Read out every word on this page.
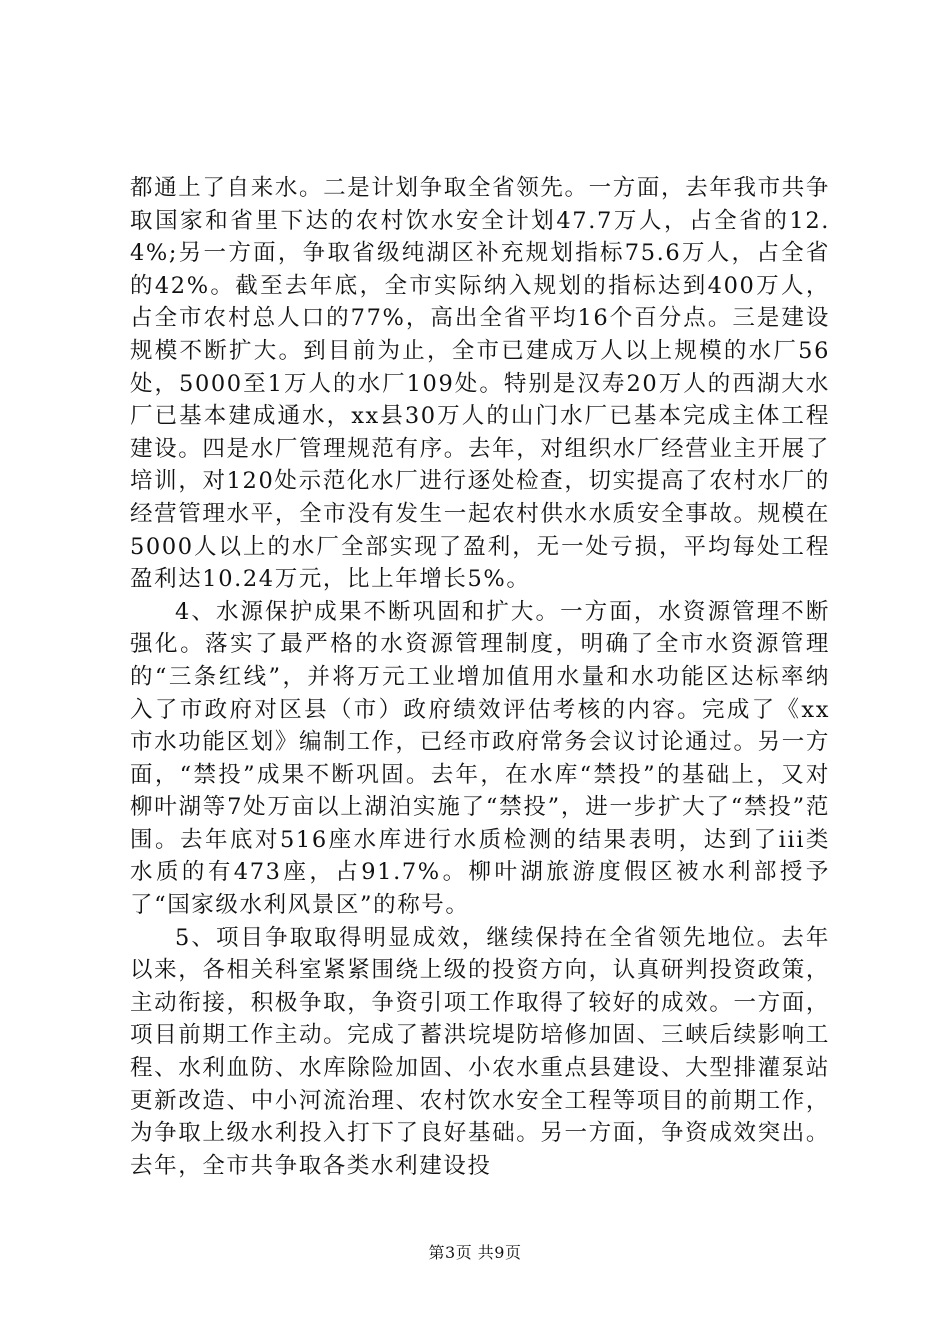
都通上了自来水。二是计划争取全省领先。一方面，去年我市共争取国家和省里下达的农村饮水安全计划47.7万人，占全省的12.4%;另一方面，争取省级纯湖区补充规划指标75.6万人，占全省的42%。截至去年底，全市实际纳入规划的指标达到400万人，占全市农村总人口的77%，高出全省平均16个百分点。三是建设规模不断扩大。到目前为止，全市已建成万人以上规模的水厂56处，5000至1万人的水厂109处。特别是汉寿20万人的西湖大水厂已基本建成通水，xx县30万人的山门水厂已基本完成主体工程建设。四是水厂管理规范有序。去年，对组织水厂经营业主开展了培训，对120处示范化水厂进行逐处检查，切实提高了农村水厂的经营管理水平，全市没有发生一起农村供水水质安全事故。规模在5000人以上的水厂全部实现了盈利，无一处亏损，平均每处工程盈利达10.24万元，比上年增长5%。

4、水源保护成果不断巩固和扩大。一方面，水资源管理不断强化。落实了最严格的水资源管理制度，明确了全市水资源管理的“三条红线”，并将万元工业增加值用水量和水功能区达标率纳入了市政府对区县（市）政府绩效评估考核的内容。完成了《xx市水功能区划》编制工作，已经市政府常务会议讨论通过。另一方面，“禁投”成果不断巩固。去年，在水库“禁投”的基础上，又对柳叶湖等7处万亩以上湖泊实施了“禁投”，进一步扩大了“禁投”范围。去年底对516座水库进行水质检测的结果表明，达到了iii类水质的有473座，占91.7%。柳叶湖旅游度假区被水利部授予了“国家级水利风景区”的称号。

5、项目争取取得明显成效，继续保持在全省领先地位。去年以来，各相关科室紧紧围绕上级的投资方向，认真研判投资政策，主动衔接，积极争取，争资引项工作取得了较好的成效。一方面，项目前期工作主动。完成了蓄洪垸堤防培修加固、三峡后续影响工程、水利血防、水库除险加固、小农水重点县建设、大型排灌泵站更新改造、中小河流治理、农村饮水安全工程等项目的前期工作，为争取上级水利投入打下了良好基础。另一方面，争资成效突出。去年，全市共争取各类水利建设投

第3页 共9页
